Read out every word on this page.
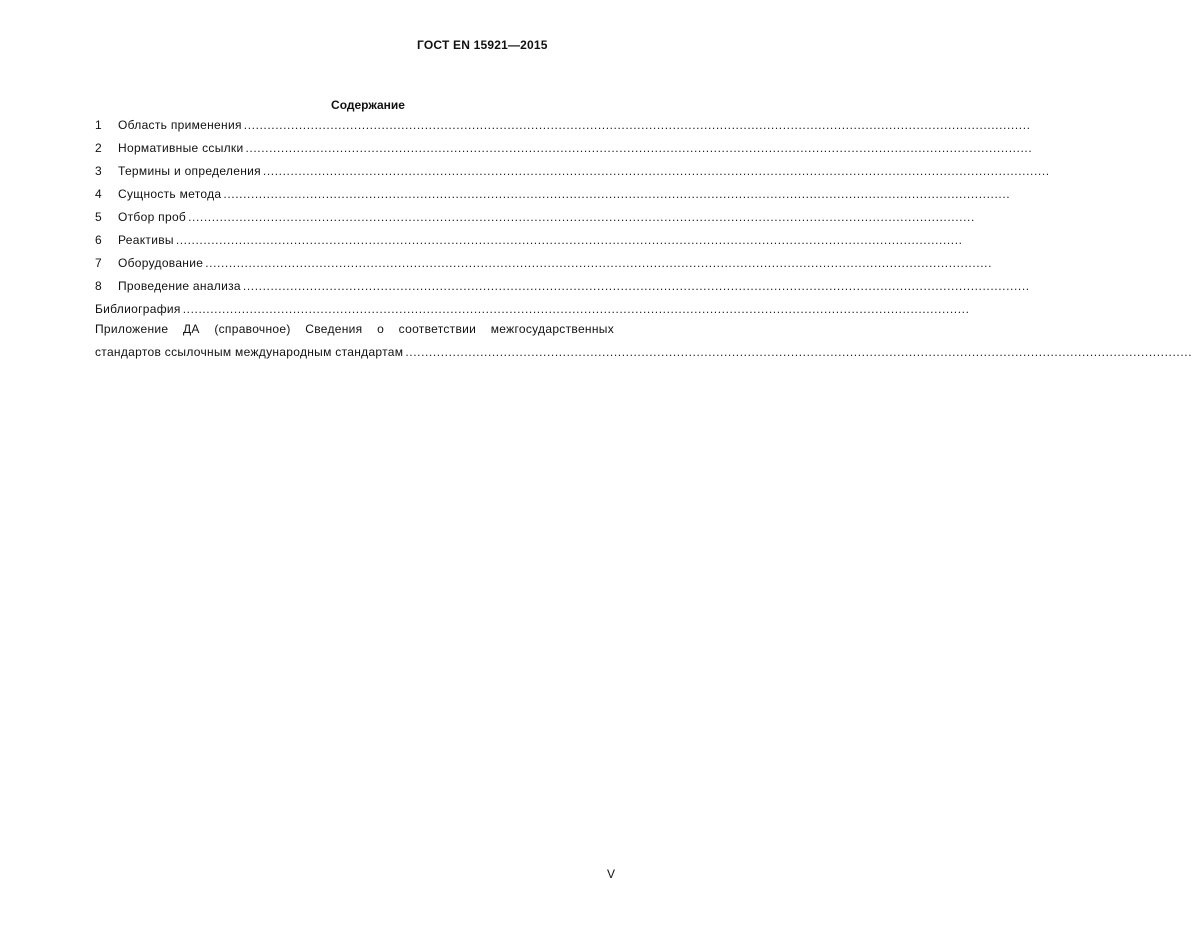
ГОСТ EN 15921—2015
Содержание
1	Область применения ........................................................................................................................................................................................................
2	Нормативные ссылки ........................................................................................................................................................................................................
3	Термины и определения ........................................................................................................................................................................................................
4	Сущность метода ........................................................................................................................................................................................................
5	Отбор проб ........................................................................................................................................................................................................
6	Реактивы ........................................................................................................................................................................................................
7	Оборудование ........................................................................................................................................................................................................
8	Проведение анализа ........................................................................................................................................................................................................
Библиография ........................................................................................................................................................................................................
Приложение ДА (справочное) Сведения о соответствии межгосударственных
стандартов ссылочным международным стандартам ........................................................................................................................................................................................................
V
